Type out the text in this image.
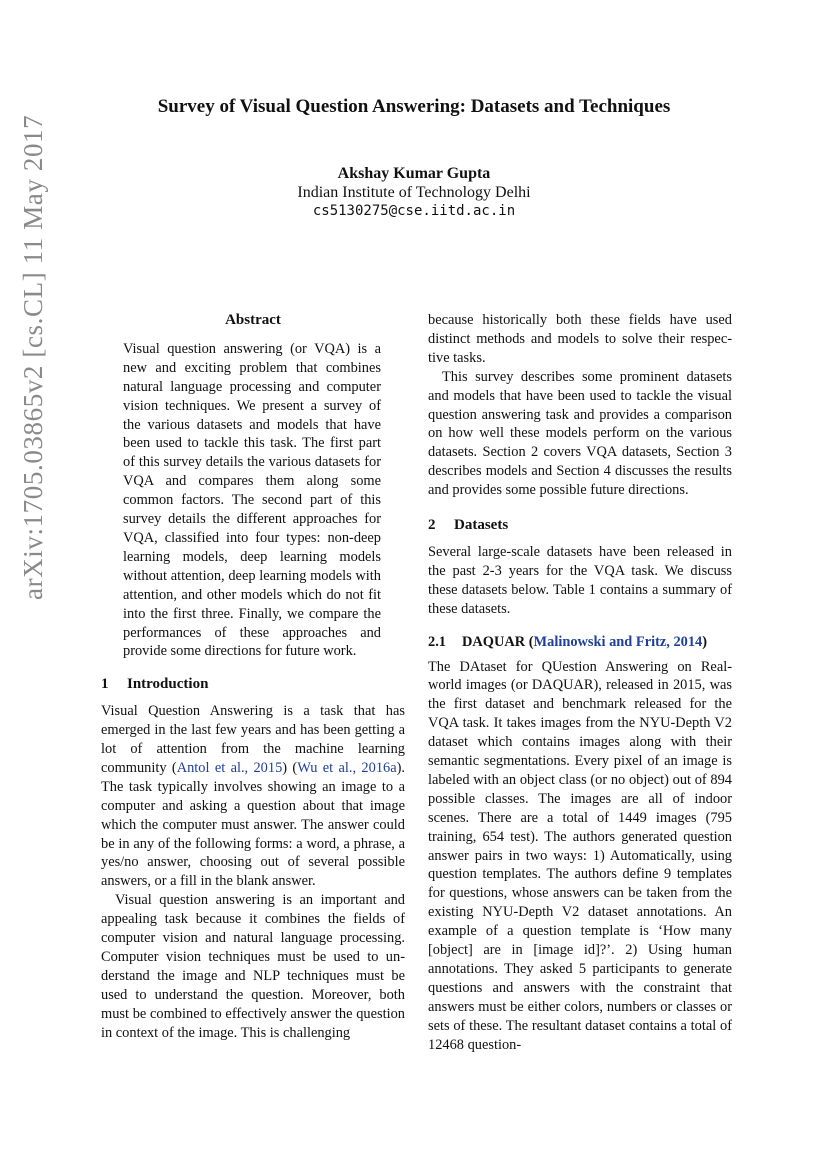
arXiv:1705.03865v2 [cs.CL] 11 May 2017
Survey of Visual Question Answering: Datasets and Techniques
Akshay Kumar Gupta
Indian Institute of Technology Delhi
cs5130275@cse.iitd.ac.in
Abstract

Visual question answering (or VQA) is a new and exciting problem that combines natural language processing and computer vision techniques. We present a survey of the various datasets and models that have been used to tackle this task. The first part of this survey details the various datasets for VQA and compares them along some common factors. The second part of this survey details the different approaches for VQA, classified into four types: non-deep learning models, deep learning models without attention, deep learning models with attention, and other models which do not fit into the first three. Finally, we compare the performances of these approaches and provide some directions for future work.

1 Introduction

Visual Question Answering is a task that has emerged in the last few years and has been getting a lot of attention from the machine learning community (Antol et al., 2015) (Wu et al., 2016a). The task typically involves showing an image to a computer and asking a question about that image which the computer must answer. The answer could be in any of the following forms: a word, a phrase, a yes/no answer, choosing out of several possible answers, or a fill in the blank answer.

Visual question answering is an important and appealing task because it combines the fields of computer vision and natural language processing. Computer vision techniques must be used to understand the image and NLP techniques must be used to understand the question. Moreover, both must be combined to effectively answer the question in context of the image. This is challenging

because historically both these fields have used distinct methods and models to solve their respective tasks.

This survey describes some prominent datasets and models that have been used to tackle the visual question answering task and provides a comparison on how well these models perform on the various datasets. Section 2 covers VQA datasets, Section 3 describes models and Section 4 discusses the results and provides some possible future directions.

2 Datasets

Several large-scale datasets have been released in the past 2-3 years for the VQA task. We discuss these datasets below. Table 1 contains a summary of these datasets.

2.1 DAQUAR (Malinowski and Fritz, 2014)

The DAtaset for QUestion Answering on Real-world images (or DAQUAR), released in 2015, was the first dataset and benchmark released for the VQA task. It takes images from the NYU-Depth V2 dataset which contains images along with their semantic segmentations. Every pixel of an image is labeled with an object class (or no object) out of 894 possible classes. The images are all of indoor scenes. There are a total of 1449 images (795 training, 654 test). The authors generated question answer pairs in two ways: 1) Automatically, using question templates. The authors define 9 templates for questions, whose answers can be taken from the existing NYU-Depth V2 dataset annotations. An example of a question template is ‘How many [object] are in [image id]?’. 2) Using human annotations. They asked 5 participants to generate questions and answers with the constraint that answers must be either colors, numbers or classes or sets of these. The resultant dataset contains a total of 12468 question-
